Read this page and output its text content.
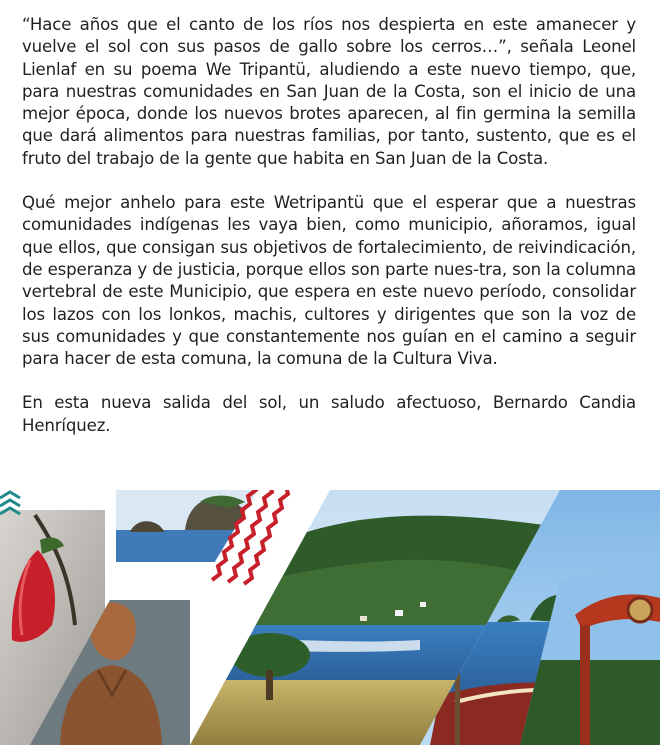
“Hace años que el canto de los ríos nos despierta en este amanecer y vuelve el sol con sus pasos de gallo sobre los cerros…”, señala Leonel Lienlaf en su poema We Tripantü, aludiendo a este nuevo tiempo, que, para nuestras comunidades en San Juan de la Costa, son el inicio de una mejor época, donde los nuevos brotes aparecen, al fin germina la semilla que dará alimentos para nuestras familias, por tanto, sustento, que es el fruto del trabajo de la gente que habita en San Juan de la Costa.

Qué mejor anhelo para este Wetripantü que el esperar que a nuestras comunidades indígenas les vaya bien, como municipio, añoramos, igual que ellos, que consigan sus objetivos de fortalecimiento, de reivindicación, de esperanza y de justicia, porque ellos son parte nues-tra, son la columna vertebral de este Municipio, que espera en este nuevo período, consolidar los lazos con los lonkos, machis, cultores y dirigentes que son la voz de sus comunidades y que constantemente nos guían en el camino a seguir para hacer de esta comuna, la comuna de la Cultura Viva.

En esta nueva salida del sol, un saludo afectuoso, Bernardo Candia Henríquez.
